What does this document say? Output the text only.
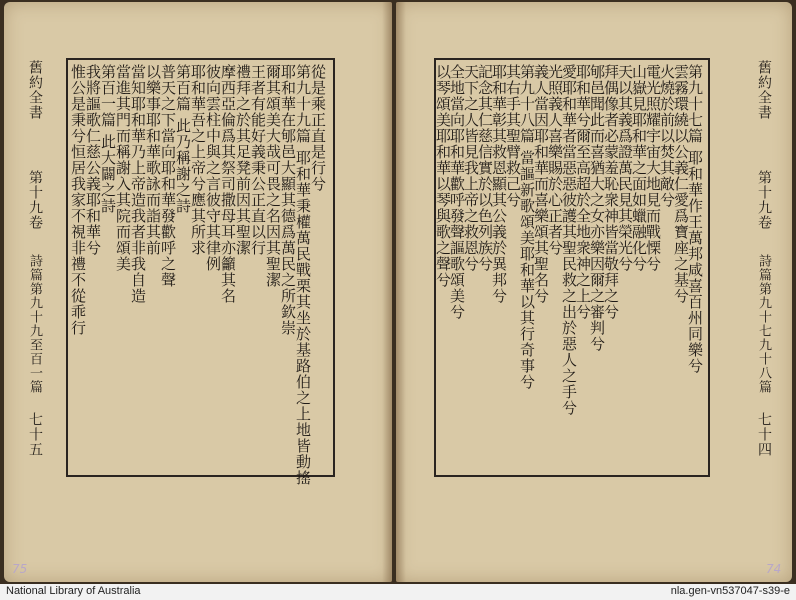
舊約全書
第十九卷
詩篇第九十九至百一篇
七十五
從是乘正直是行兮
第九十九篇 耶和華秉權萬民戰栗其坐於基路伯之上地皆動搖
耶和華在郇邑大顯其德爲萬民之所欽崇
爾其頌美大哉可畏之名因其聖潔
王者有能好義秉公正直以行
禮拜之於其足凳前因其聖潔
摩西亞倫爲其祭司撒母耳亦籲其名
彼向雲柱中與之言彼守其律例
耶和華吾之上帝兮應其所求
第百篇 此乃稱謝之詩
普天之下當向耶和華發歡呼之聲
以樂事耶和華歌詠而詣其前
當知耶和華乃上帝造我者非我自造
當進其門而稱謝入其院而頌美
第百一篇 此大闢之詩
我將謳歌仁慈公義耶和華兮
惟公是秉兮恒居我家不視非禮不從乖行
75
舊約全書
第十九卷
詩篇第九十七九十八篇
七十四
第九十七篇 耶和華作王萬邦咸喜百州同樂兮
雲霧環繞以公義仁愛爲寶座之基兮
火燒於前以焚其敵兮
電光照耀宇宙大地見而戰慄兮
山嶽見耶和華之面如蠟融化兮
天以其義爲證萬民見其榮光兮
拜偶像者必蒙羞恥衆神皆當敬拜之兮
郇邑聞此而喜猶大之女亦樂因爾之審判兮
耶和華兮爾至高超於全地衆神之上兮
愛耶和華者當惡惡彼護其聖民救之出於惡人之手兮
光照義人喜樂賜於心正者兮
義人當因耶和華而喜樂頌其聖名兮
第九十八篇 當謳新歌頌美耶和華以其行奇事兮
其右手其聖臂救己兮
耶和華彰其救恩顯其公義於異邦兮
記念其仁慈信實於以色列族兮
天下之人皆見我上帝之救恩兮
全地當向耶和華歡呼發聲謳歌頌美兮
以琴頌美耶和華以琴與歌之聲兮
74
National Library of Australia	nla.gen-vn537047-s39-e
